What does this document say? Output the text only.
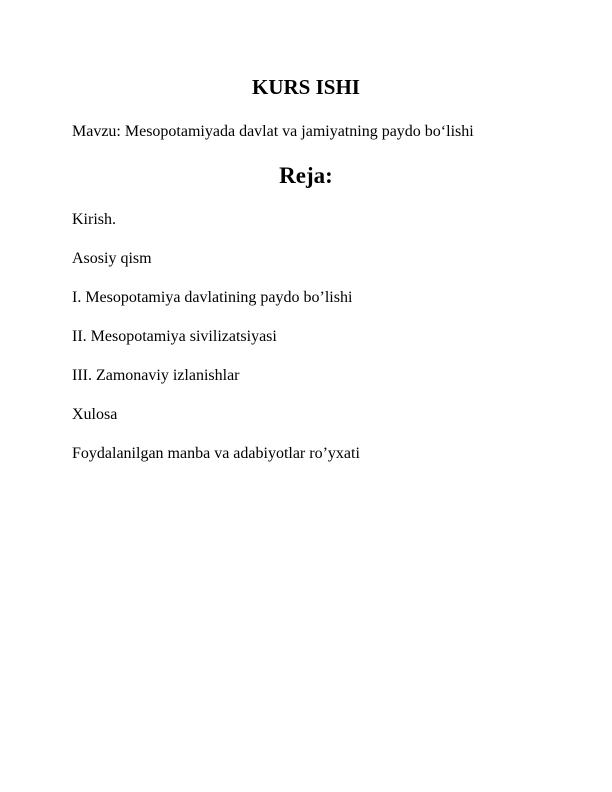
KURS ISHI

Mavzu: Mesopotamiyada davlat va jamiyatning paydo bo‘lishi

Reja:
Kirish.
Asosiy qism
I. Mesopotamiya davlatining paydo bo’lishi
II. Mesopotamiya sivilizatsiyasi
III. Zamonaviy izlanishlar
Xulosa
Foydalanilgan manba va adabiyotlar ro’yxati
